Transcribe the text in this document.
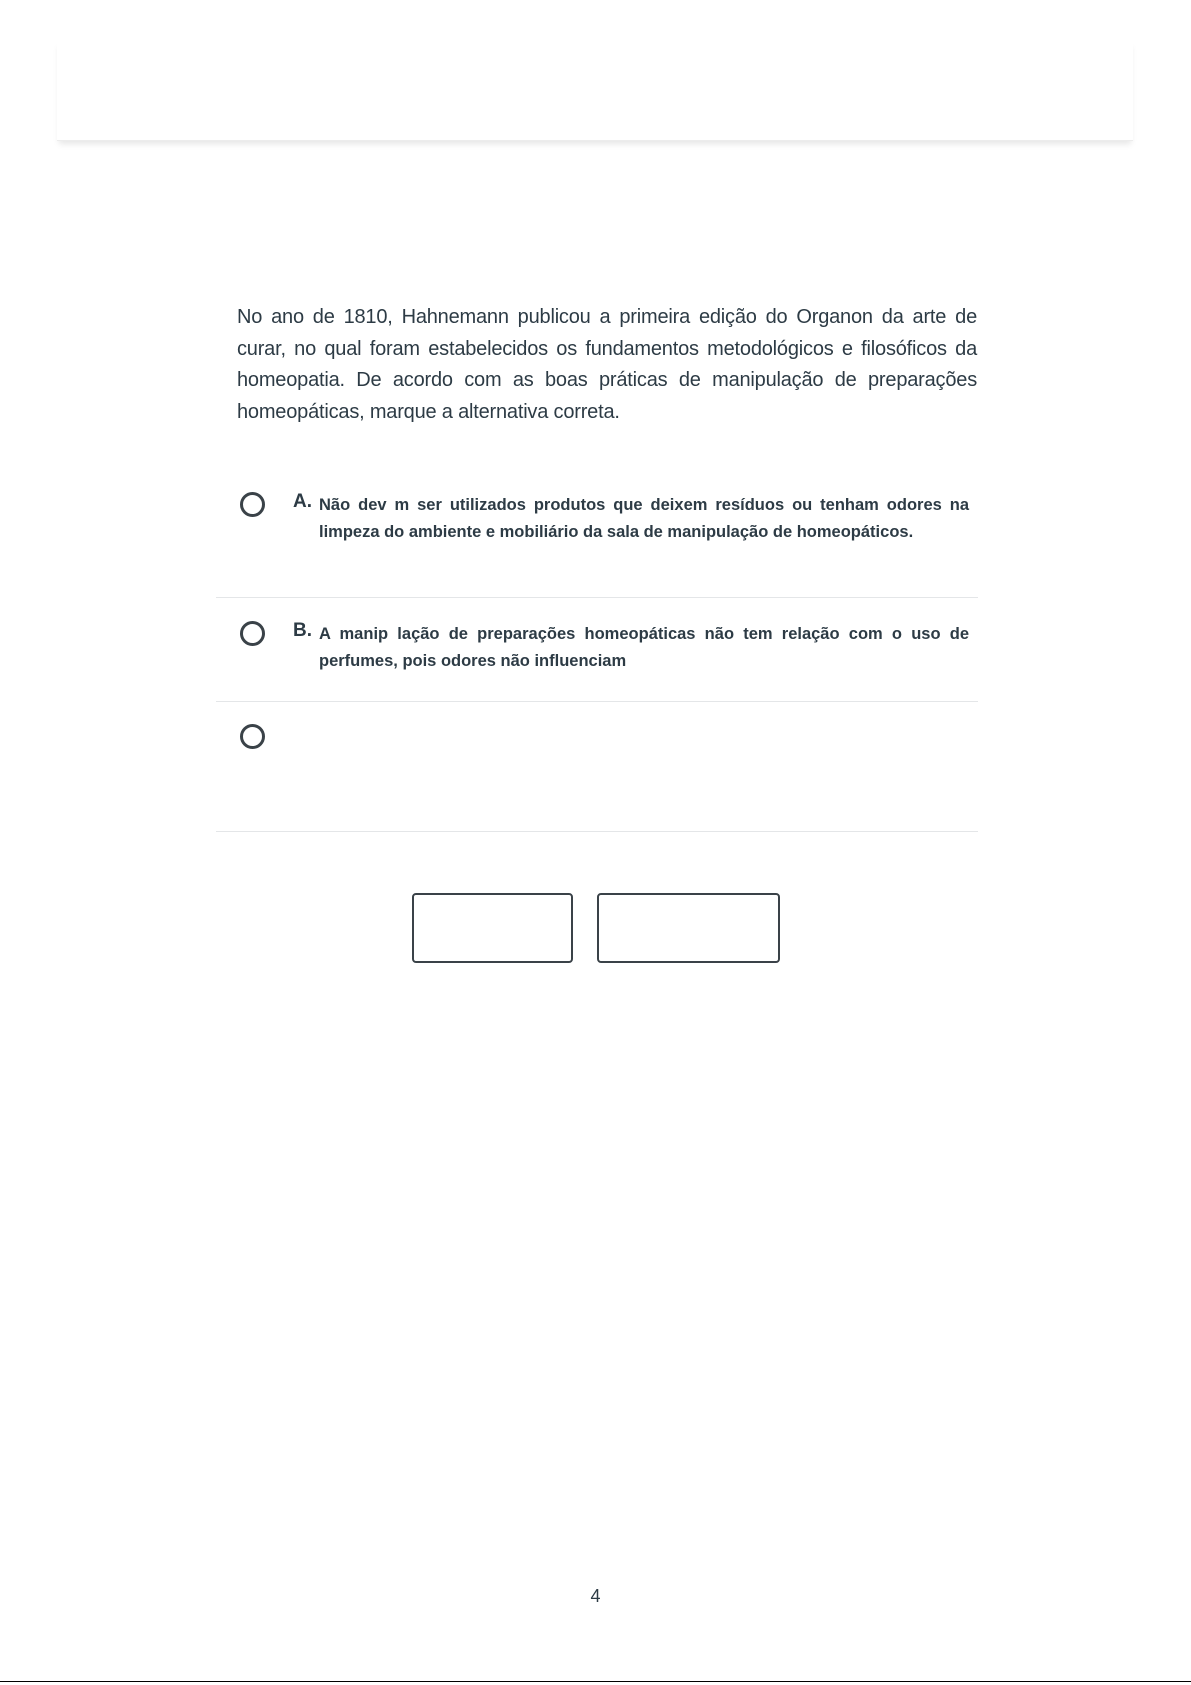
No ano de 1810, Hahnemann publicou a primeira edição do Organon da arte de curar, no qual foram estabelecidos os fundamentos metodológicos e filosóficos da homeopatia. De acordo com as boas práticas de manipulação de preparações homeopáticas, marque a alternativa correta.

A. Não dev m ser utilizados produtos que deixem resíduos ou tenham odores na limpeza do ambiente e mobiliário da sala de manipulação de homeopáticos.
B. A manip lação de preparações homeopáticas não tem relação com o uso de perfumes, pois odores não influenciam
4
